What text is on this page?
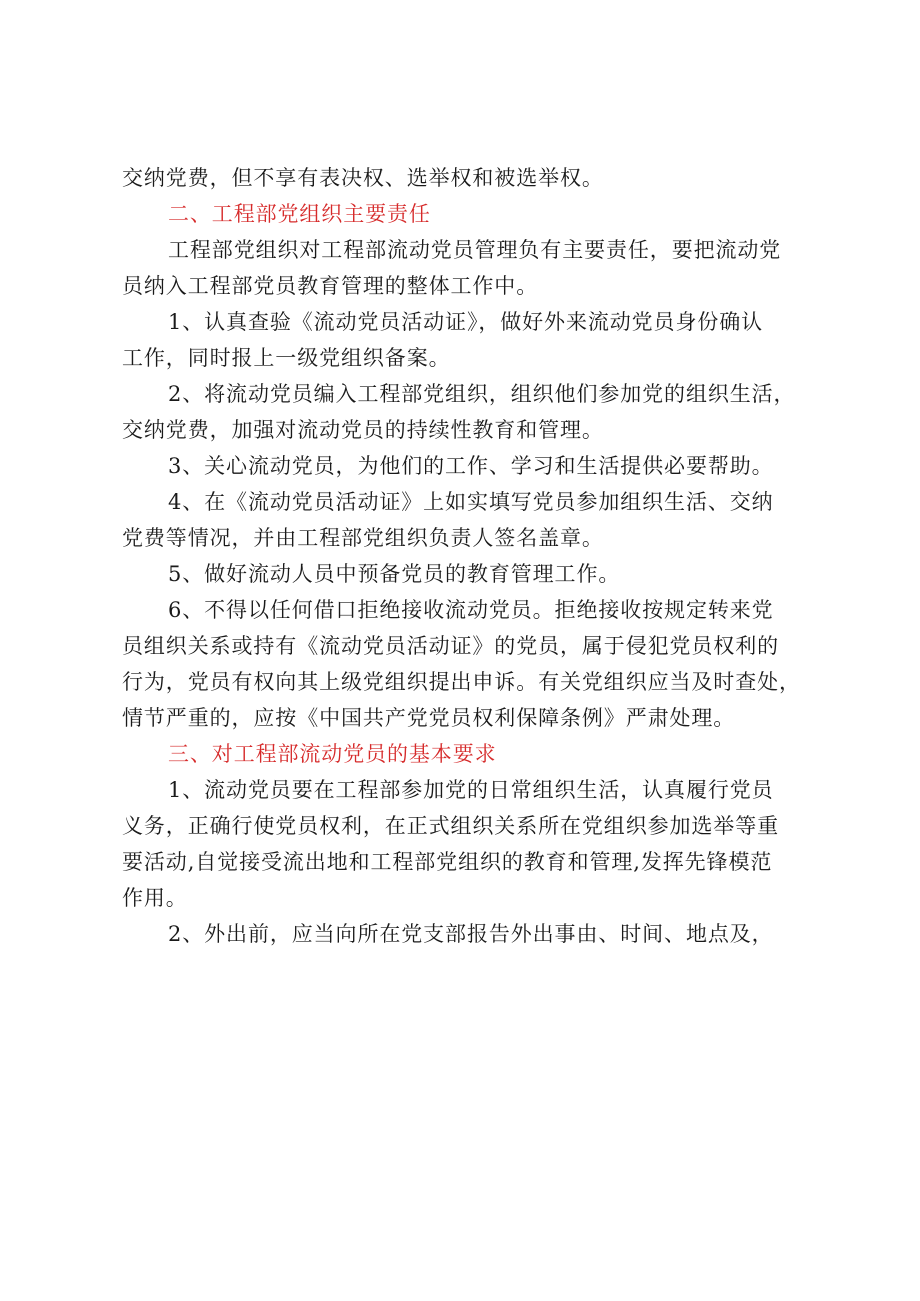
交纳党费，但不享有表决权、选举权和被选举权。
二、工程部党组织主要责任
工程部党组织对工程部流动党员管理负有主要责任，要把流动党
员纳入工程部党员教育管理的整体工作中。
1、认真查验《流动党员活动证》，做好外来流动党员身份确认
工作，同时报上一级党组织备案。
2、将流动党员编入工程部党组织，组织他们参加党的组织生活，
交纳党费，加强对流动党员的持续性教育和管理。
3、关心流动党员，为他们的工作、学习和生活提供必要帮助。
4、在《流动党员活动证》上如实填写党员参加组织生活、交纳
党费等情况，并由工程部党组织负责人签名盖章。
5、做好流动人员中预备党员的教育管理工作。
6、不得以任何借口拒绝接收流动党员。拒绝接收按规定转来党
员组织关系或持有《流动党员活动证》的党员，属于侵犯党员权利的
行为，党员有权向其上级党组织提出申诉。有关党组织应当及时查处，
情节严重的，应按《中国共产党党员权利保障条例》严肃处理。
三、对工程部流动党员的基本要求
1、流动党员要在工程部参加党的日常组织生活，认真履行党员
义务，正确行使党员权利，在正式组织关系所在党组织参加选举等重
要活动,自觉接受流出地和工程部党组织的教育和管理,发挥先锋模范
作用。
2、外出前，应当向所在党支部报告外出事由、时间、地点及，
